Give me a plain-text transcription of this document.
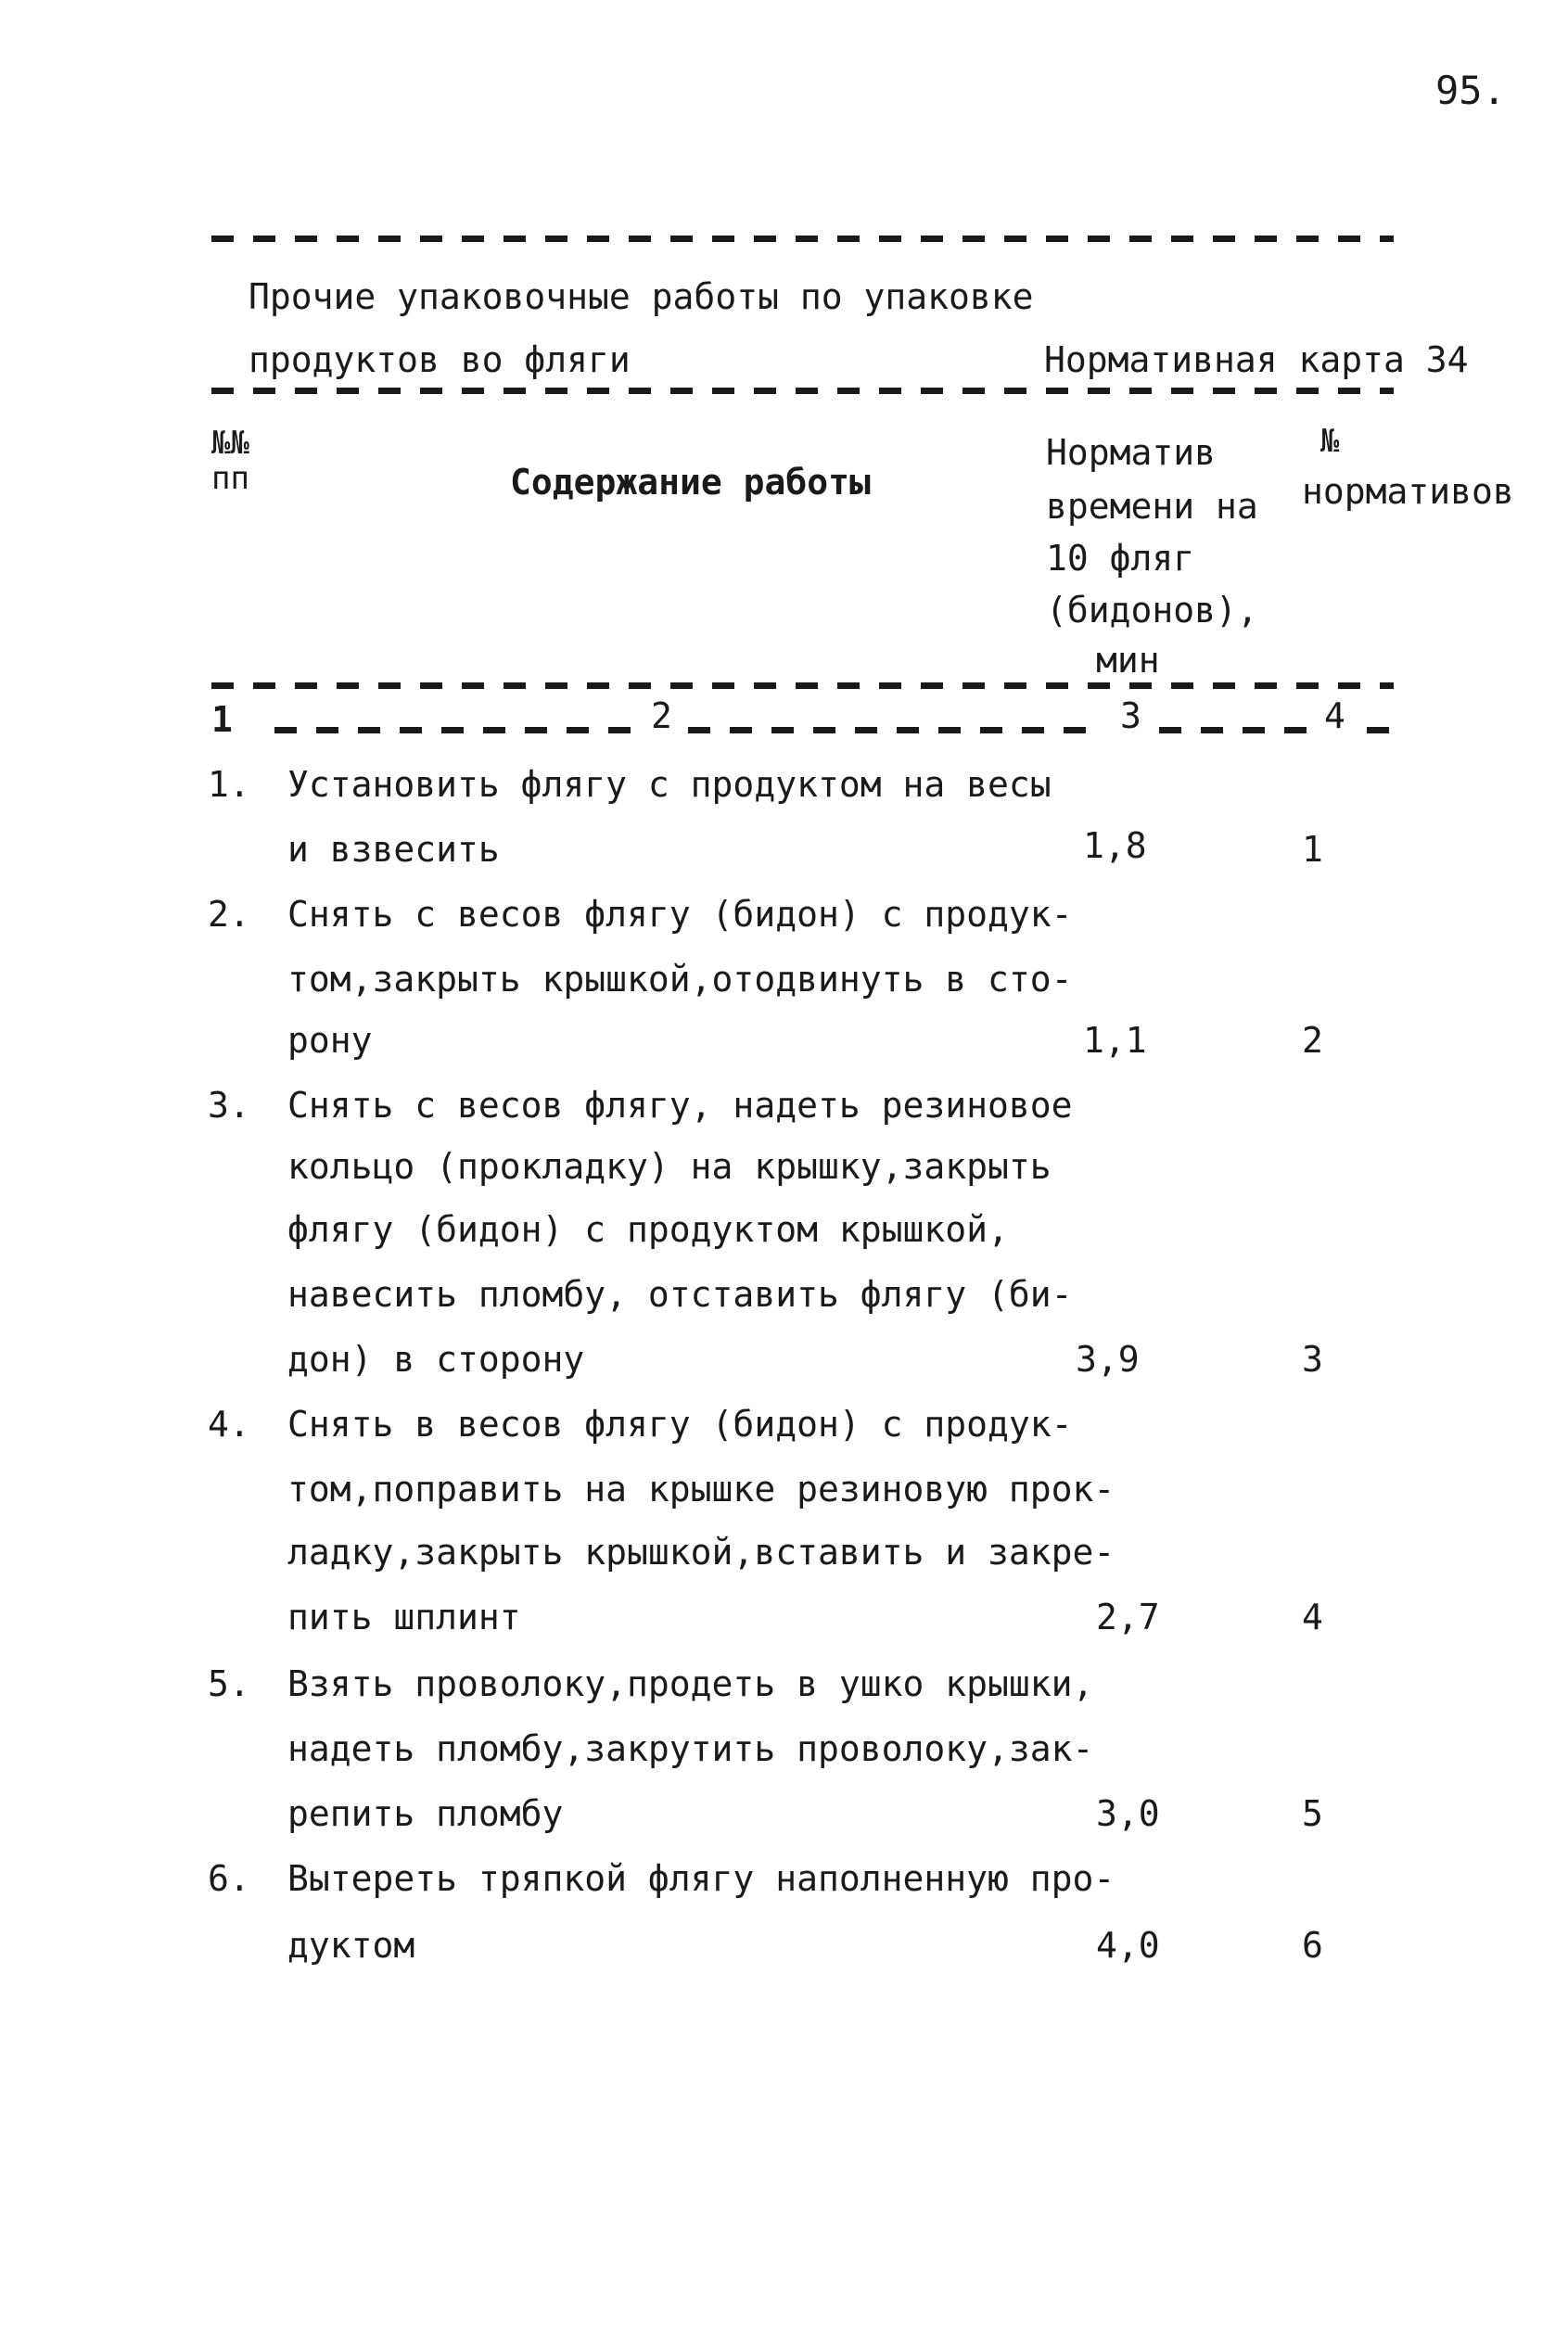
95.
Прочие упаковочные работы по упаковке
продуктов во фляги	Нормативная карта 34
№№
пп	Содержание работы
Норматив
времени на
10 фляг
(бидонов),
мин
№
нормативов
1	2	3	4
1. Установить флягу с продуктом на весы
и взвесить	1,8	1
2. Снять с весов флягу (бидон) с продук-
том,закрыть крышкой,отодвинуть в сто-
рону	1,1	2
3. Снять с весов флягу, надеть резиновое
кольцо (прокладку) на крышку,закрыть
флягу (бидон) с продуктом крышкой,
навесить пломбу, отставить флягу (би-
дон) в сторону	3,9	3
4. Снять в весов флягу (бидон) с продук-
том,поправить на крышке резиновую прок-
ладку,закрыть крышкой,вставить и закре-
пить шплинт	2,7	4
5. Взять проволоку,продеть в ушко крышки,
надеть пломбу,закрутить проволоку,зак-
репить пломбу	3,0	5
6. Вытереть тряпкой флягу наполненную про-
дуктом	4,0	6
